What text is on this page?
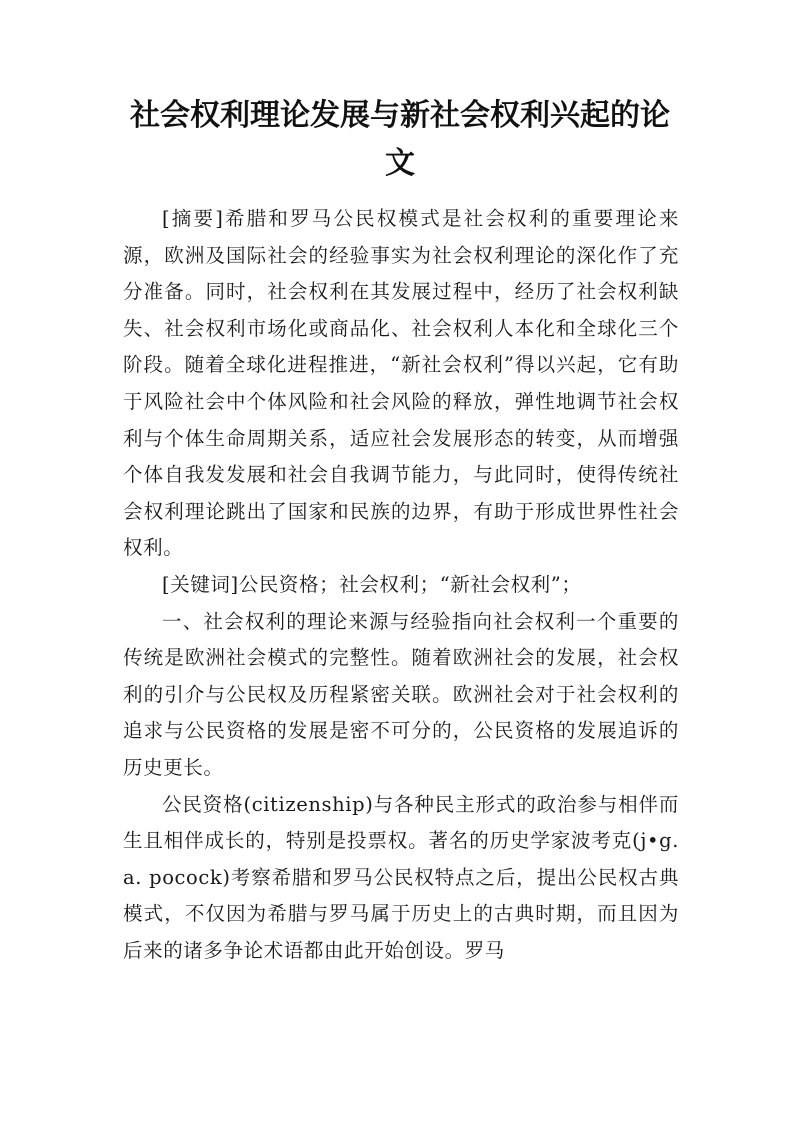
社会权利理论发展与新社会权利兴起的论文

[摘要]希腊和罗马公民权模式是社会权利的重要理论来源，欧洲及国际社会的经验事实为社会权利理论的深化作了充分准备。同时，社会权利在其发展过程中，经历了社会权利缺失、社会权利市场化或商品化、社会权利人本化和全球化三个阶段。随着全球化进程推进，“新社会权利”得以兴起，它有助于风险社会中个体风险和社会风险的释放，弹性地调节社会权利与个体生命周期关系，适应社会发展形态的转变，从而增强个体自我发发展和社会自我调节能力，与此同时，使得传统社会权利理论跳出了国家和民族的边界，有助于形成世界性社会权利。

[关键词]公民资格；社会权利；“新社会权利”；

一、社会权利的理论来源与经验指向社会权利一个重要的传统是欧洲社会模式的完整性。随着欧洲社会的发展，社会权利的引介与公民权及历程紧密关联。欧洲社会对于社会权利的追求与公民资格的发展是密不可分的，公民资格的发展追诉的历史更长。

公民资格(citizenship)与各种民主形式的政治参与相伴而生且相伴成长的，特别是投票权。著名的历史学家波考克(j•g. a. pocock)考察希腊和罗马公民权特点之后，提出公民权古典模式，不仅因为希腊与罗马属于历史上的古典时期，而且因为后来的诸多争论术语都由此开始创设。罗马
